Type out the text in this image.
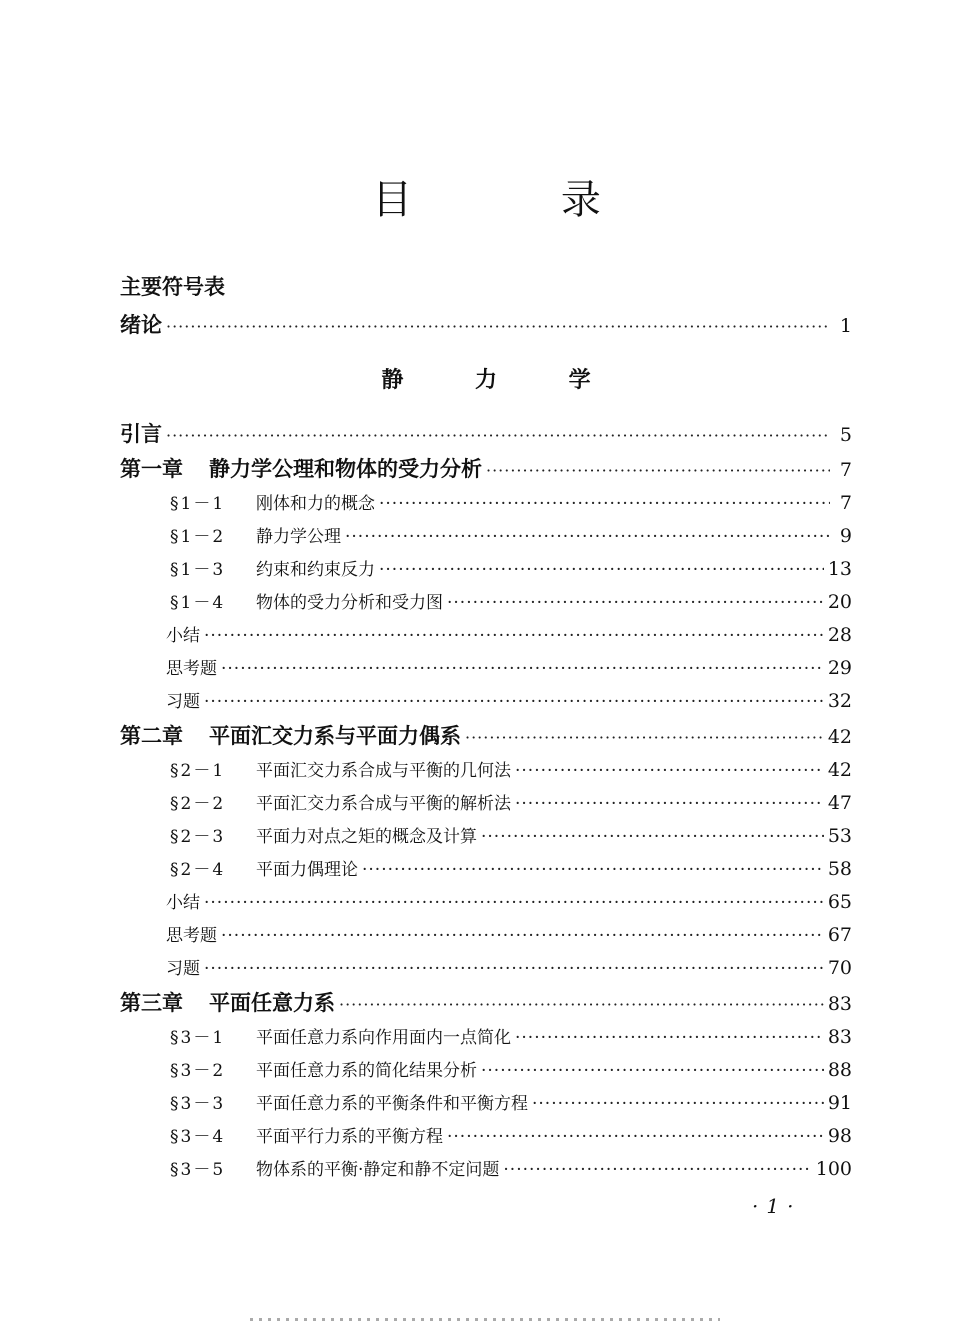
目 录
主要符号表
绪论 ·····	1
静 力 学
引言 ·····	5
第一章 静力学公理和物体的受力分析 ·····	7
§1－1 刚体和力的概念 ·····	7
§1－2 静力学公理 ·····	9
§1－3 约束和约束反力 ·····	13
§1－4 物体的受力分析和受力图 ·····	20
小结 ·····	28
思考题 ·····	29
习题 ·····	32
第二章 平面汇交力系与平面力偶系 ·····	42
§2－1 平面汇交力系合成与平衡的几何法 ·····	42
§2－2 平面汇交力系合成与平衡的解析法 ·····	47
§2－3 平面力对点之矩的概念及计算 ·····	53
§2－4 平面力偶理论 ·····	58
小结 ·····	65
思考题 ·····	67
习题 ·····	70
第三章 平面任意力系 ·····	83
§3－1 平面任意力系向作用面内一点简化 ·····	83
§3－2 平面任意力系的简化结果分析 ·····	88
§3－3 平面任意力系的平衡条件和平衡方程 ·····	91
§3－4 平面平行力系的平衡方程 ·····	98
§3－5 物体系的平衡·静定和静不定问题 ·····	100
·1·
